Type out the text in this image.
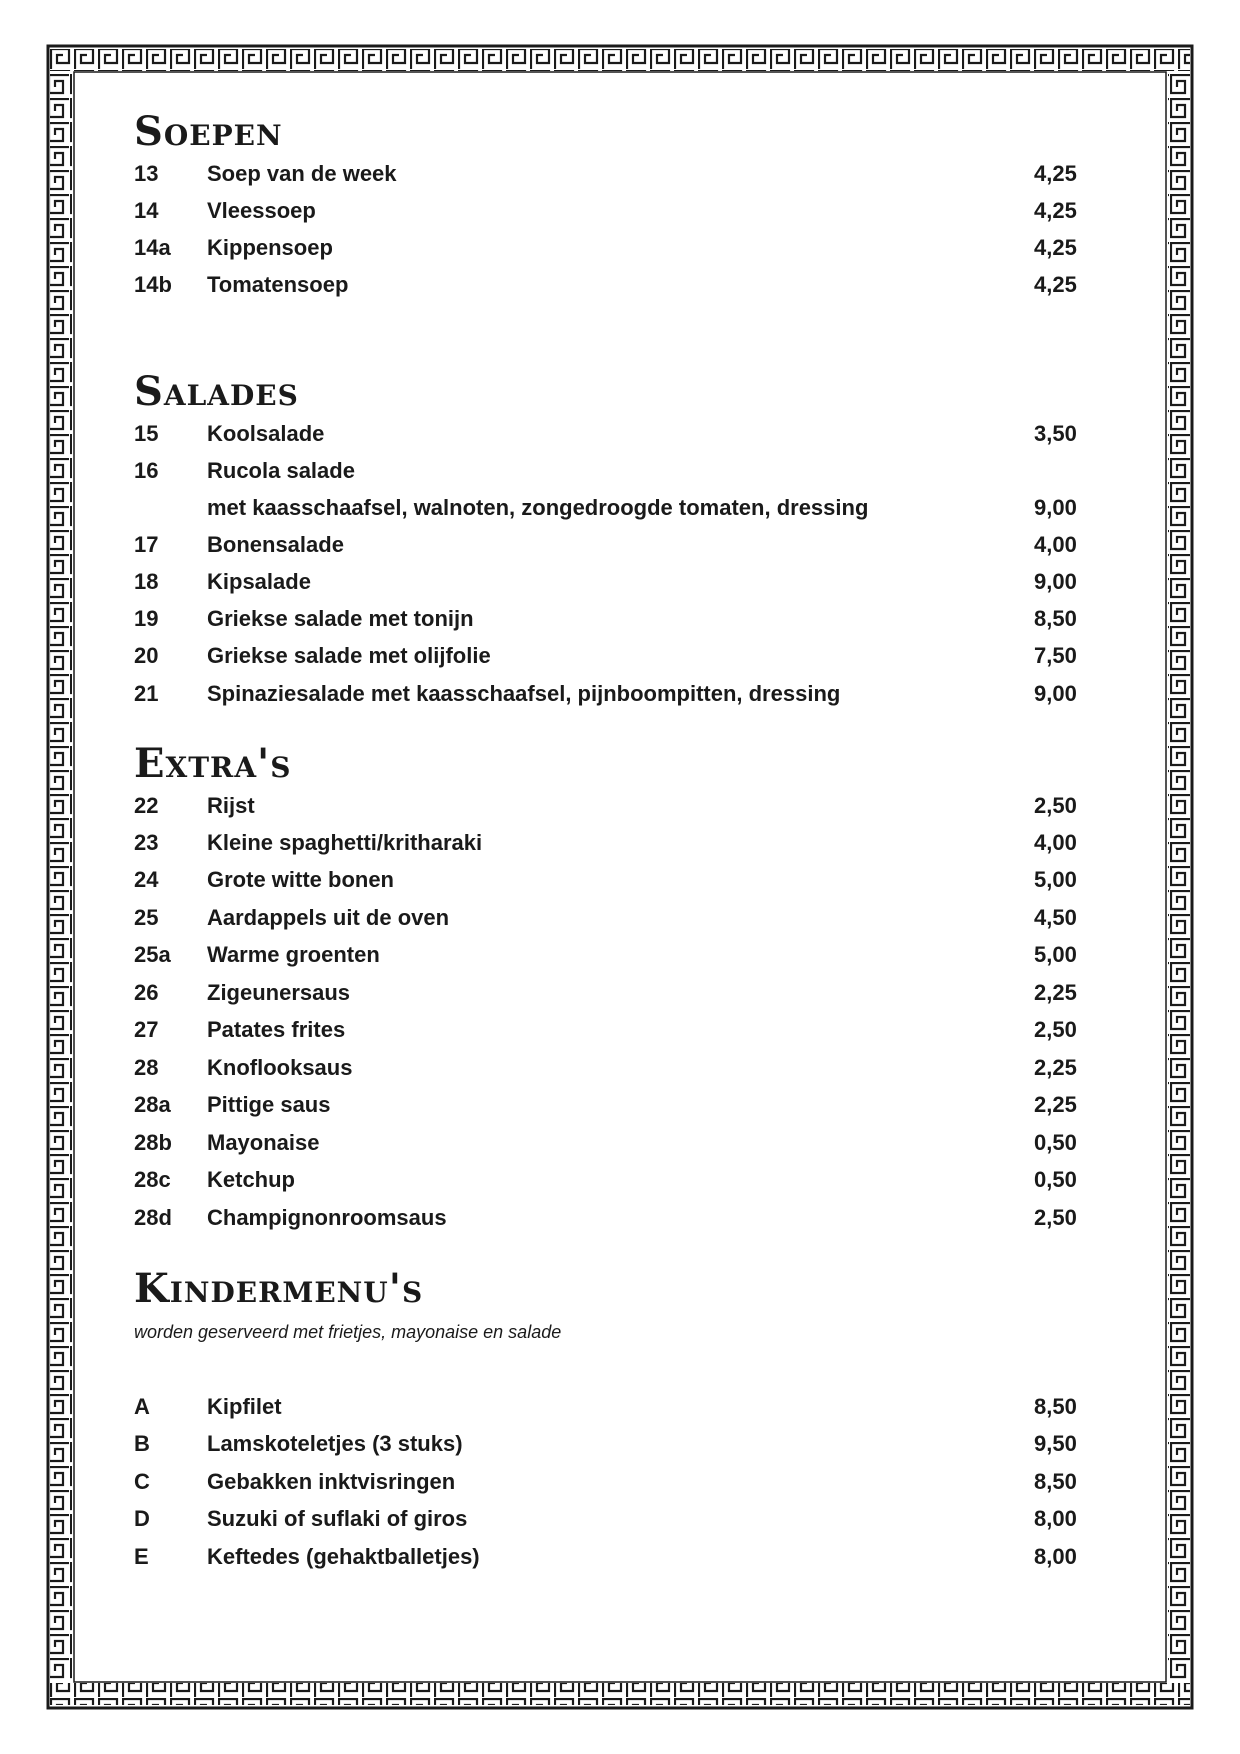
Soepen
13 Soep van de week	4,25
14 Vleessoep	4,25
14a Kippensoep	4,25
14b Tomatensoep	4,25
Salades
15 Koolsalade	3,50
16 Rucola salade
met kaasschaafsel, walnoten, zongedroogde tomaten, dressing	9,00
17 Bonensalade	4,00
18 Kipsalade	9,00
19 Griekse salade met tonijn	8,50
20 Griekse salade met olijfolie	7,50
21 Spinaziesalade met kaasschaafsel, pijnboompitten, dressing	9,00
Extra's
22 Rijst	2,50
23 Kleine spaghetti/kritharaki	4,00
24 Grote witte bonen	5,00
25 Aardappels uit de oven	4,50
25a Warme groenten	5,00
26 Zigeunersaus	2,25
27 Patates frites	2,50
28 Knoflooksaus	2,25
28a Pittige saus	2,25
28b Mayonaise	0,50
28c Ketchup	0,50
28d Champignonroomsaus	2,50
Kindermenu's
worden geserveerd met frietjes, mayonaise en salade
A	Kipfilet	8,50
B	Lamskoteletjes (3 stuks)	9,50
C	Gebakken inktvisringen	8,50
D	Suzuki of suflaki of giros	8,00
E	Keftedes (gehaktballetjes)	8,00
